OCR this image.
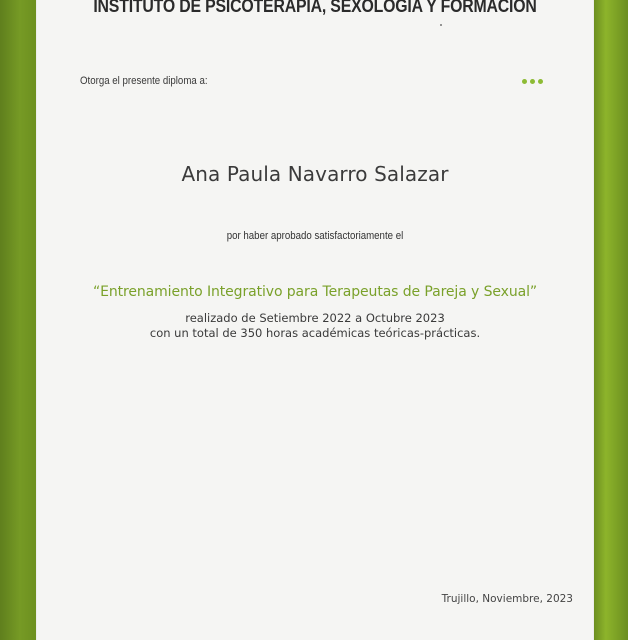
INSTITUTO DE PSICOTERAPIA, SEXOLOGIA Y FORMACION
Otorga el presente diploma a:
Ana Paula Navarro Salazar
por haber aprobado satisfactoriamente el
“Entrenamiento Integrativo para Terapeutas de Pareja y Sexual”
realizado de Setiembre 2022 a Octubre 2023
con un total de 350 horas académicas teóricas-prácticas.
Trujillo, Noviembre, 2023
